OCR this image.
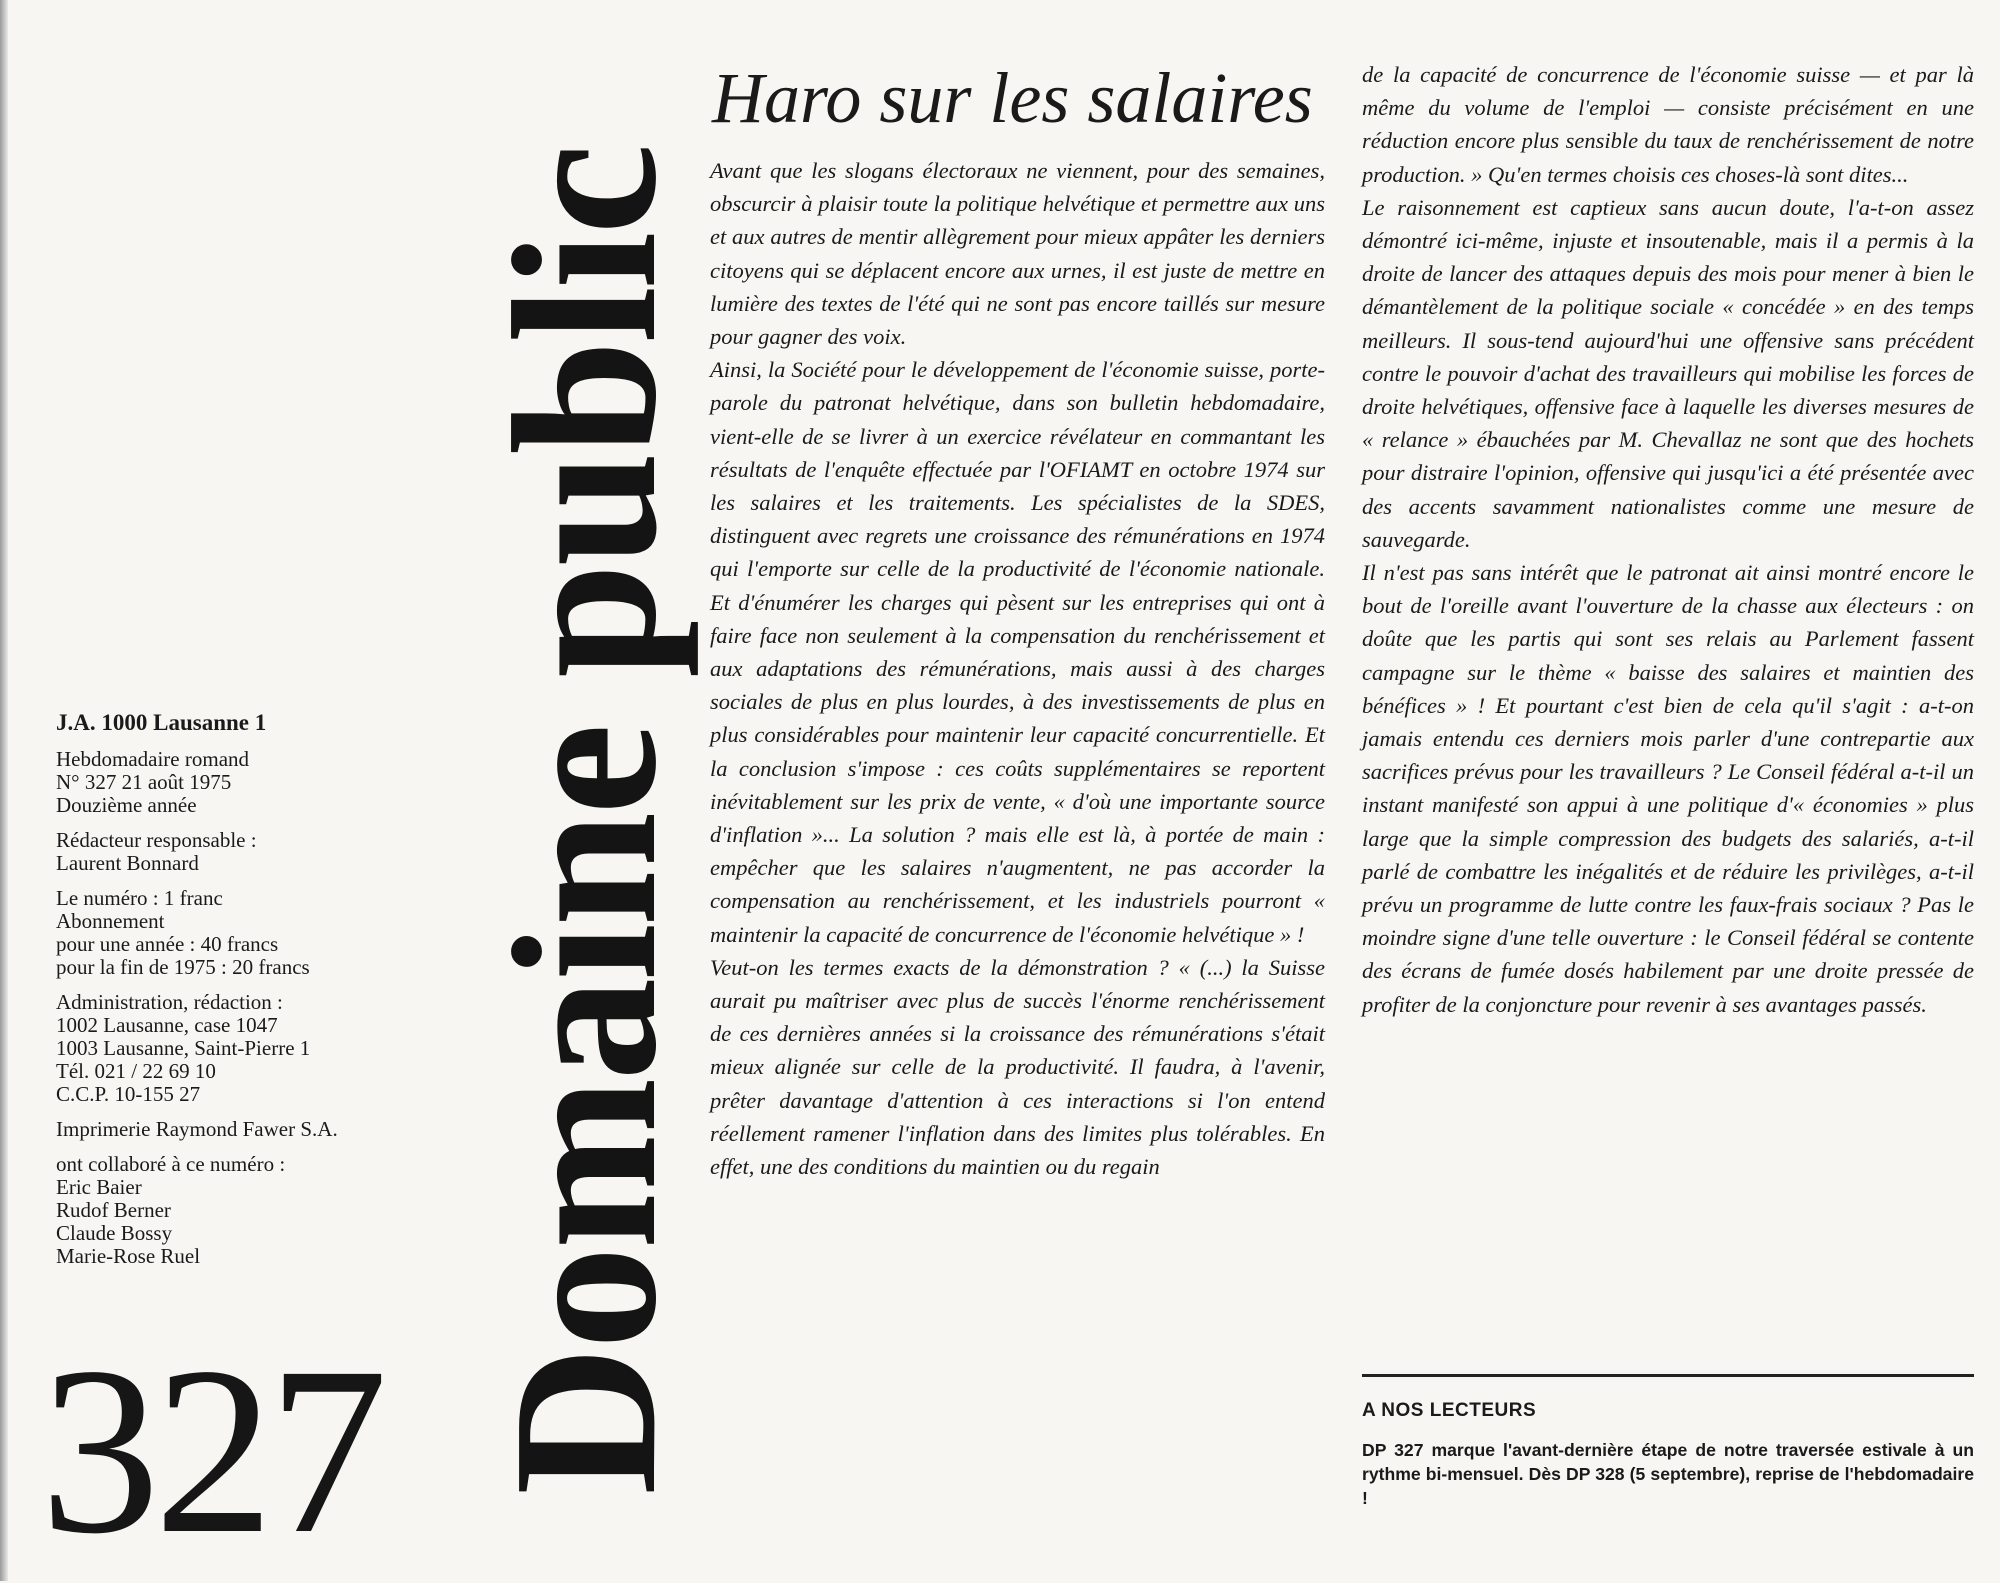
J.A. 1000 Lausanne 1
Hebdomadaire romand
N° 327 21 août 1975
Douzième année
Rédacteur responsable :
Laurent Bonnard
Le numéro : 1 franc
Abonnement
pour une année : 40 francs
pour la fin de 1975 : 20 francs
Administration, rédaction :
1002 Lausanne, case 1047
1003 Lausanne, Saint-Pierre 1
Tél. 021 / 22 69 10
C.C.P. 10-155 27
Imprimerie Raymond Fawer S.A.
ont collaboré à ce numéro :
Eric Baier
Rudof Berner
Claude Bossy
Marie-Rose Ruel
327 Domaine public
Haro sur les salaires

Avant que les slogans électoraux ne viennent, pour des semaines, obscurcir à plaisir toute la politique helvétique et permettre aux uns et aux autres de mentir allègrement pour mieux appâter les derniers citoyens qui se déplacent encore aux urnes, il est juste de mettre en lumière des textes de l'été qui ne sont pas encore taillés sur mesure pour gagner des voix.

Ainsi, la Société pour le développement de l'économie suisse, porte-parole du patronat helvétique, dans son bulletin hebdomadaire, vient-elle de se livrer à un exercice révélateur en commantant les résultats de l'enquête effectuée par l'OFIAMT en octobre 1974 sur les salaires et les traitements. Les spécialistes de la SDES, distinguent avec regrets une croissance des rémunérations en 1974 qui l'emporte sur celle de la productivité de l'économie nationale. Et d'énumérer les charges qui pèsent sur les entreprises qui ont à faire face non seulement à la compensation du renchérissement et aux adaptations des rémunérations, mais aussi à des charges sociales de plus en plus lourdes, à des investissements de plus en plus considérables pour maintenir leur capacité concurrentielle. Et la conclusion s'impose : ces coûts supplémentaires se reportent inévitablement sur les prix de vente, « d'où une importante source d'inflation »... La solution ? mais elle est là, à portée de main : empêcher que les salaires n'augmentent, ne pas accorder la compensation au renchérissement, et les industriels pourront « maintenir la capacité de concurrence de l'économie helvétique » !

Veut-on les termes exacts de la démonstration ? « (...) la Suisse aurait pu maîtriser avec plus de succès l'énorme renchérissement de ces dernières années si la croissance des rémunérations s'était mieux alignée sur celle de la productivité. Il faudra, à l'avenir, prêter davantage d'attention à ces interactions si l'on entend réellement ramener l'inflation dans des limites plus tolérables. En effet, une des conditions du maintien ou du regain

de la capacité de concurrence de l'économie suisse — et par là même du volume de l'emploi — consiste précisément en une réduction encore plus sensible du taux de renchérissement de notre production. » Qu'en termes choisis ces choses-là sont dites...

Le raisonnement est captieux sans aucun doute, l'a-t-on assez démontré ici-même, injuste et insoutenable, mais il a permis à la droite de lancer des attaques depuis des mois pour mener à bien le démantèlement de la politique sociale « concédée » en des temps meilleurs. Il sous-tend aujourd'hui une offensive sans précédent contre le pouvoir d'achat des travailleurs qui mobilise les forces de droite helvétiques, offensive face à laquelle les diverses mesures de « relance » ébauchées par M. Chevallaz ne sont que des hochets pour distraire l'opinion, offensive qui jusqu'ici a été présentée avec des accents savamment nationalistes comme une mesure de sauvegarde.

Il n'est pas sans intérêt que le patronat ait ainsi montré encore le bout de l'oreille avant l'ouverture de la chasse aux électeurs : on doûte que les partis qui sont ses relais au Parlement fassent campagne sur le thème « baisse des salaires et maintien des bénéfices » ! Et pourtant c'est bien de cela qu'il s'agit : a-t-on jamais entendu ces derniers mois parler d'une contrepartie aux sacrifices prévus pour les travailleurs ? Le Conseil fédéral a-t-il un instant manifesté son appui à une politique d'« économies » plus large que la simple compression des budgets des salariés, a-t-il parlé de combattre les inégalités et de réduire les privilèges, a-t-il prévu un programme de lutte contre les faux-frais sociaux ? Pas le moindre signe d'une telle ouverture : le Conseil fédéral se contente des écrans de fumée dosés habilement par une droite pressée de profiter de la conjoncture pour revenir à ses avantages passés.

A NOS LECTEURS
DP 327 marque l'avant-dernière étape de notre traversée estivale à un rythme bi-mensuel. Dès DP 328 (5 septembre), reprise de l'hebdomadaire !
